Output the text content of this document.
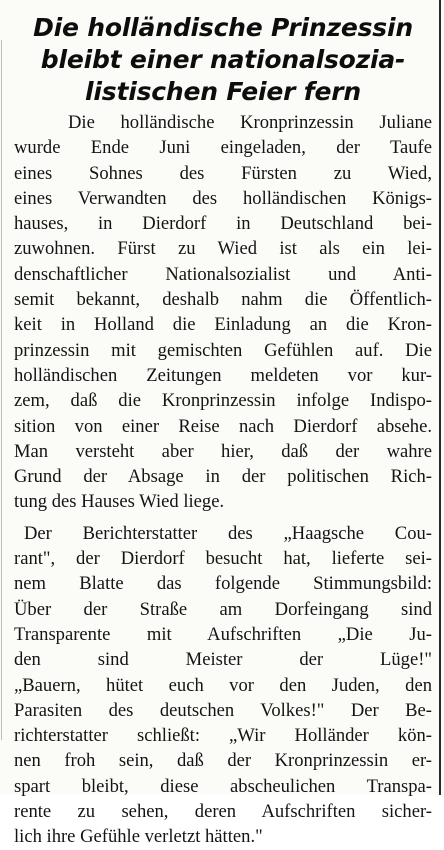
Die holländische Prinzessin
bleibt einer nationalsozia-
listischen Feier fern

Die holländische Kronprinzessin Juliane
wurde Ende Juni eingeladen, der Taufe
eines Sohnes des Fürsten zu Wied,
eines Verwandten des holländischen Königs-
hauses, in Dierdorf in Deutschland bei-
zuwohnen. Fürst zu Wied ist als ein lei-
denschaftlicher Nationalsozialist und Anti-
semit bekannt, deshalb nahm die Öffentlich-
keit in Holland die Einladung an die Kron-
prinzessin mit gemischten Gefühlen auf. Die
holländischen Zeitungen meldeten vor kur-
zem, daß die Kronprinzessin infolge Indispo-
sition von einer Reise nach Dierdorf absehe.
Man versteht aber hier, daß der wahre
Grund der Absage in der politischen Rich-
tung des Hauses Wied liege.

Der Berichterstatter des „Haagsche Cou-
rant", der Dierdorf besucht hat, lieferte sei-
nem Blatte das folgende Stimmungsbild:
Über der Straße am Dorfeingang sind
Transparente mit Aufschriften „Die Ju-
den sind Meister der Lüge!"
„Bauern, hütet euch vor den Juden, den
Parasiten des deutschen Volkes!" Der Be-
richterstatter schließt: „Wir Holländer kön-
nen froh sein, daß der Kronprinzessin er-
spart bleibt, diese abscheulichen Transpa-
rente zu sehen, deren Aufschriften sicher-
lich ihre Gefühle verletzt hätten."
